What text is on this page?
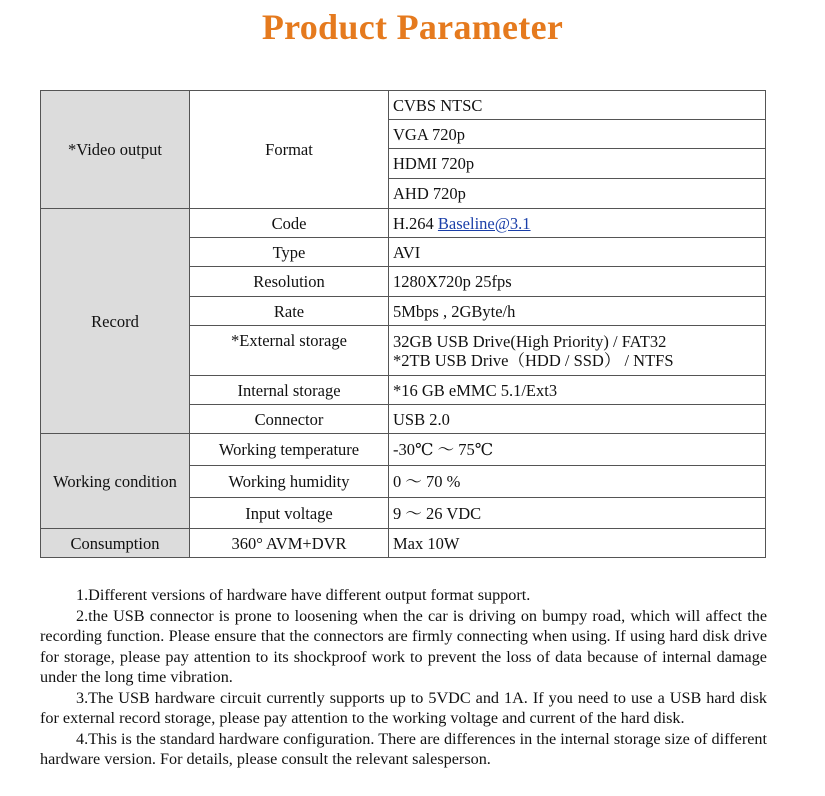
Product Parameter
*Video output	Format	CVBS NTSC
		VGA 720p
		HDMI 720p
		AHD 720p
Record	Code	H.264 Baseline@3.1
	Type	AVI
	Resolution	1280X720p 25fps
	Rate	5Mbps , 2GByte/h
	*External storage	32GB USB Drive(High Priority) / FAT32
*2TB USB Drive（HDD / SSD） / NTFS

	Internal storage	*16 GB eMMC 5.1/Ext3
	Connector	USB 2.0
Working condition	Working temperature	-30℃ ～ 75℃
	Working humidity	0 ～ 70 %
	Input voltage	9 ～ 26 VDC
Consumption	360° AVM+DVR	Max 10W

1.Different versions of hardware have different output format support.

2.the USB connector is prone to loosening when the car is driving on bumpy road, which will affect the recording function. Please ensure that the connectors are firmly connecting when using. If using hard disk drive for storage, please pay attention to its shockproof work to prevent the loss of data because of internal damage under the long time vibration.

3.The USB hardware circuit currently supports up to 5VDC and 1A. If you need to use a USB hard disk for external record storage, please pay attention to the working voltage and current of the hard disk.

4.This is the standard hardware configuration. There are differences in the internal storage size of different hardware version. For details, please consult the relevant salesperson.
